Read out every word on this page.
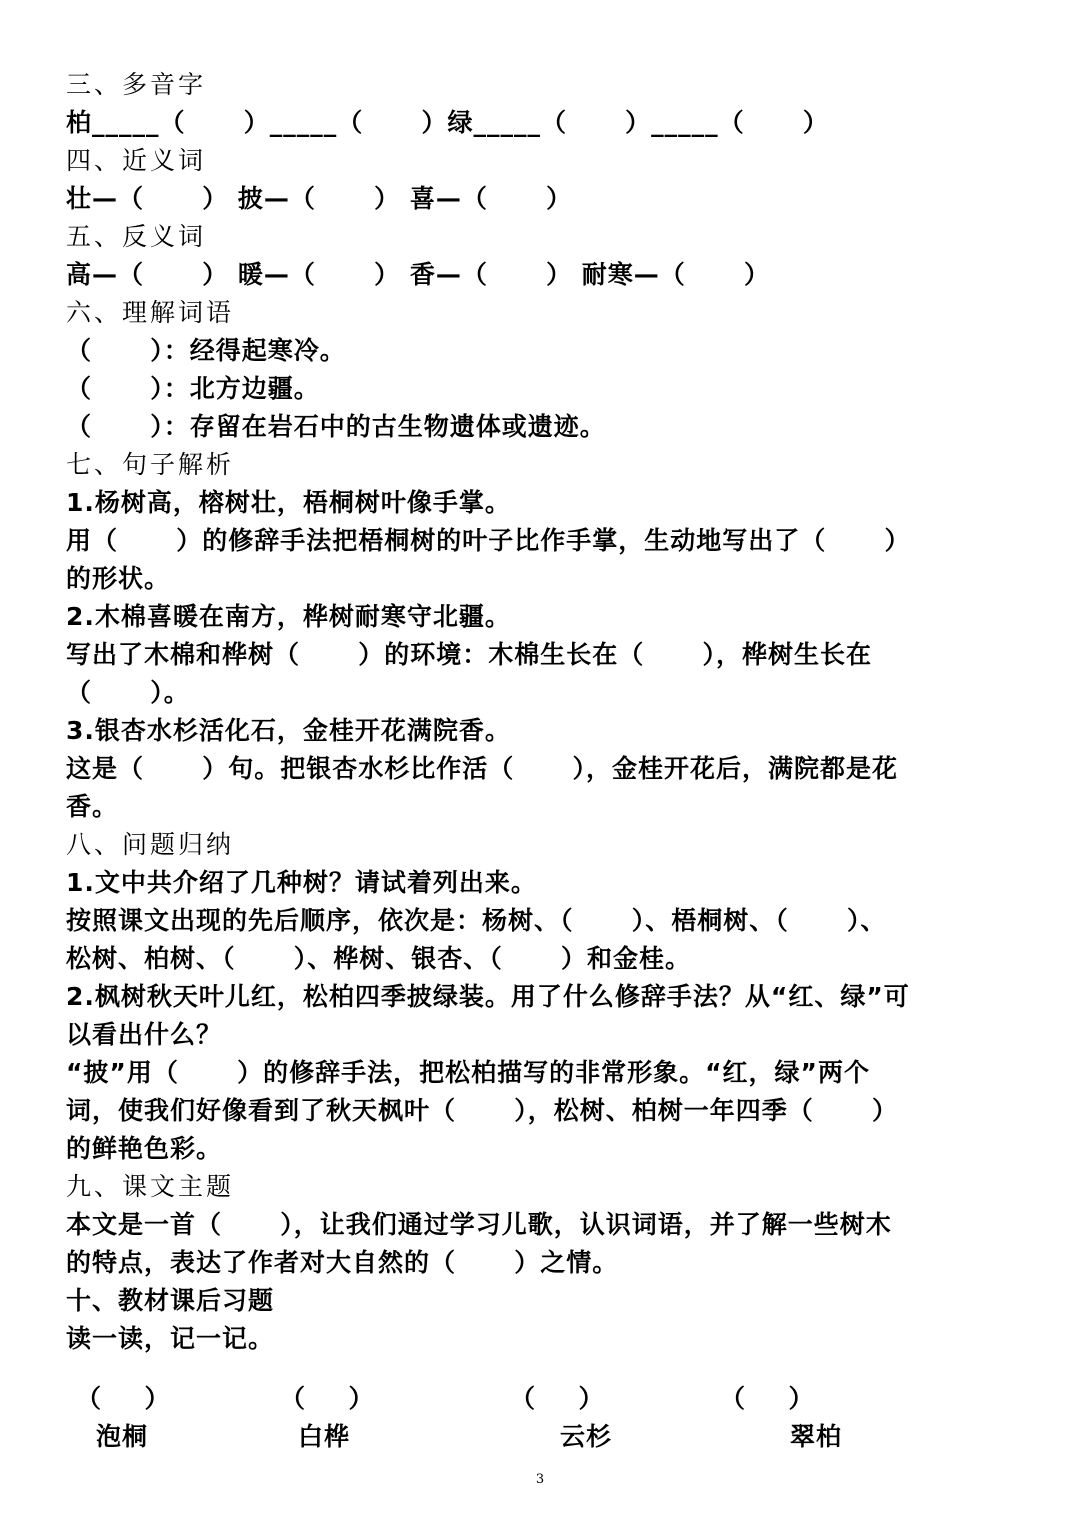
三、多音字
柏_____（      ）_____（      ）绿_____（      ）_____（      ）
四、近义词
壮—（      ） 披—（      ） 喜—（      ）
五、反义词
高—（      ） 暖—（      ） 香—（      ） 耐寒—（      ）
六、理解词语
（      ）：经得起寒冷。
（      ）：北方边疆。
（      ）：存留在岩石中的古生物遗体或遗迹。
七、句子解析
1.杨树高，榕树壮，梧桐树叶像手掌。
用（      ）的修辞手法把梧桐树的叶子比作手掌，生动地写出了（      ）
的形状。
2.木棉喜暖在南方，桦树耐寒守北疆。
写出了木棉和桦树（      ）的环境：木棉生长在（      ），桦树生长在
（      ）。
3.银杏水杉活化石，金桂开花满院香。
这是（      ）句。把银杏水杉比作活（      ），金桂开花后，满院都是花
香。
八、问题归纳
1.文中共介绍了几种树？请试着列出来。
按照课文出现的先后顺序，依次是：杨树、（      ）、梧桐树、（      ）、
松树、柏树、（      ）、桦树、银杏、（      ）和金桂。
2.枫树秋天叶儿红，松柏四季披绿装。用了什么修辞手法？从“红、绿”可
以看出什么？
“披”用（      ）的修辞手法，把松柏描写的非常形象。“红，绿”两个
词，使我们好像看到了秋天枫叶（      ），松树、柏树一年四季（      ）
的鲜艳色彩。
九、课文主题
本文是一首（      ），让我们通过学习儿歌，认识词语，并了解一些树木
的特点，表达了作者对大自然的（      ）之情。
十、教材课后习题
读一读，记一记。
（     ）	（     ）	（     ）	（     ）
泡桐	白桦	云杉	翠柏
3
